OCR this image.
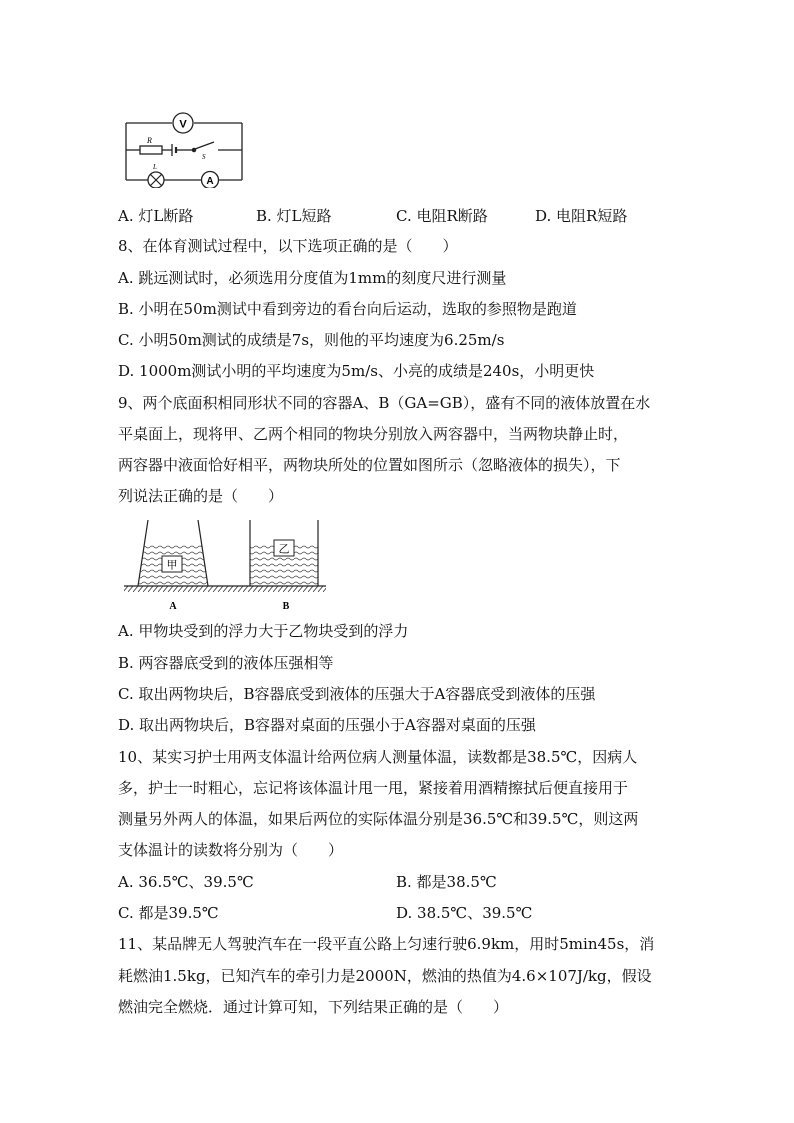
V
L
A
R
S
A. 灯L断路	B. 灯L短路	C. 电阻R断路	D. 电阻R短路
8、在体育测试过程中，以下选项正确的是（　　）
A. 跳远测试时，必须选用分度值为1mm的刻度尺进行测量
B. 小明在50m测试中看到旁边的看台向后运动，选取的参照物是跑道
C. 小明50m测试的成绩是7s，则他的平均速度为6.25m/s
D. 1000m测试小明的平均速度为5m/s、小亮的成绩是240s，小明更快
9、两个底面积相同形状不同的容器A、B（GA=GB），盛有不同的液体放置在水
平桌面上，现将甲、乙两个相同的物块分别放入两容器中，当两物块静止时，
两容器中液面恰好相平，两物块所处的位置如图所示（忽略液体的损失），下
列说法正确的是（　　）
甲
乙
A	B
A. 甲物块受到的浮力大于乙物块受到的浮力
B. 两容器底受到的液体压强相等
C. 取出两物块后，B容器底受到液体的压强大于A容器底受到液体的压强
D. 取出两物块后，B容器对桌面的压强小于A容器对桌面的压强
10、某实习护士用两支体温计给两位病人测量体温，读数都是38.5℃，因病人
多，护士一时粗心，忘记将该体温计甩一甩，紧接着用酒精擦拭后便直接用于
测量另外两人的体温，如果后两位的实际体温分别是36.5℃和39.5℃，则这两
支体温计的读数将分别为（　　）
A. 36.5℃、39.5℃	B. 都是38.5℃
C. 都是39.5℃	D. 38.5℃、39.5℃
11、某品牌无人驾驶汽车在一段平直公路上匀速行驶6.9km，用时5min45s，消
耗燃油1.5kg，已知汽车的牵引力是2000N，燃油的热值为4.6×107J/kg，假设
燃油完全燃烧．通过计算可知，下列结果正确的是（　　）
